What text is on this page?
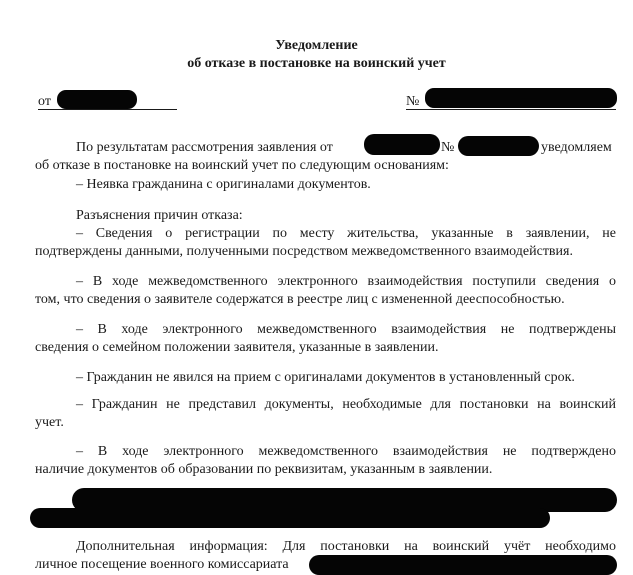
Уведомление
об отказе в постановке на воинский учет
от	№
По результатам рассмотрения заявления от	№	уведомляем
об отказе в постановке на воинский учет по следующим основаниям:
– Неявка гражданина с оригиналами документов.
Разъяснения причин отказа:
– Сведения о регистрации по месту жительства, указанные в заявлении, не
подтверждены данными, полученными посредством межведомственного взаимодействия.
– В ходе межведомственного электронного взаимодействия поступили сведения о
том, что сведения о заявителе содержатся в реестре лиц с измененной дееспособностью.
– В ходе электронного межведомственного взаимодействия не подтверждены
сведения о семейном положении заявителя, указанные в заявлении.
– Гражданин не явился на прием с оригиналами документов в установленный срок.
– Гражданин не представил документы, необходимые для постановки на воинский
учет.
– В ходе электронного межведомственного взаимодействия не подтверждено
наличие документов об образовании по реквизитам, указанным в заявлении.
Дополнительная информация: Для постановки на воинский учёт необходимо
личное посещение военного комиссариата
